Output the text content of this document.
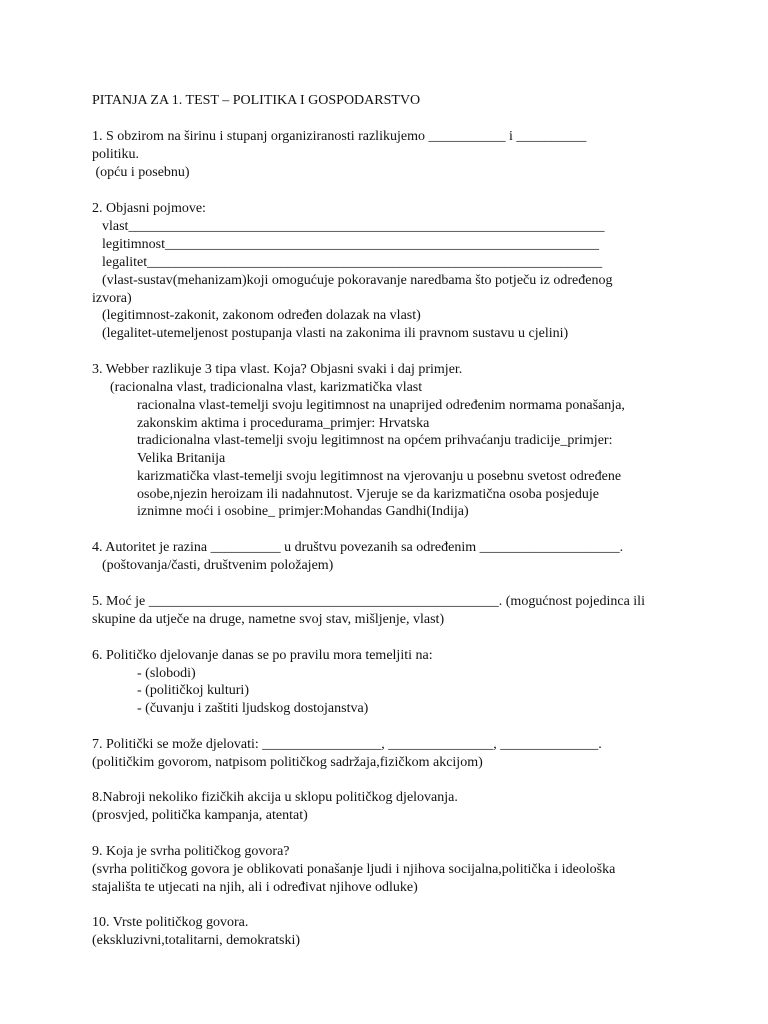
PITANJA ZA 1. TEST – POLITIKA I GOSPODARSTVO
1. S obzirom na širinu i stupanj organiziranosti razlikujemo ___________ i __________
politiku.
(opću i posebnu)
2. Objasni pojmove:
vlast____________________________________________________________________
legitimnost______________________________________________________________
legalitet_________________________________________________________________
(vlast-sustav(mehanizam)koji omogućuje pokoravanje naredbama što potječu iz određenog
izvora)
(legitimnost-zakonit, zakonom određen dolazak na vlast)
(legalitet-utemeljenost postupanja vlasti na zakonima ili pravnom sustavu u cjelini)
3. Webber razlikuje 3 tipa vlast. Koja? Objasni svaki i daj primjer.
(racionalna vlast, tradicionalna vlast, karizmatička vlast
racionalna vlast-temelji svoju legitimnost na unaprijed određenim normama ponašanja,
zakonskim aktima i procedurama_primjer: Hrvatska
tradicionalna vlast-temelji svoju legitimnost na općem prihvaćanju tradicije_primjer:
Velika Britanija
karizmatička vlast-temelji svoju legitimnost na vjerovanju u posebnu svetost određene
osobe,njezin heroizam ili nadahnutost. Vjeruje se da karizmatična osoba posjeduje
iznimne moći i osobine_ primjer:Mohandas Gandhi(Indija)
4. Autoritet je razina __________ u društvu povezanih sa određenim ____________________.
(poštovanja/časti, društvenim položajem)
5. Moć je __________________________________________________. (mogućnost pojedinca ili
skupine da utječe na druge, nametne svoj stav, mišljenje, vlast)
6. Političko djelovanje danas se po pravilu mora temeljiti na:
- (slobodi)
- (političkoj kulturi)
- (čuvanju i zaštiti ljudskog dostojanstva)
7. Politički se može djelovati: _________________, _______________, ______________.
(političkim govorom, natpisom političkog sadržaja,fizičkom akcijom)
8.Nabroji nekoliko fizičkih akcija u sklopu političkog djelovanja.
(prosvjed, politička kampanja, atentat)
9. Koja je svrha političkog govora?
(svrha političkog govora je oblikovati ponašanje ljudi i njihova socijalna,politička i ideološka
stajališta te utjecati na njih, ali i određivat njihove odluke)
10. Vrste političkog govora.
(ekskluzivni,totalitarni, demokratski)
